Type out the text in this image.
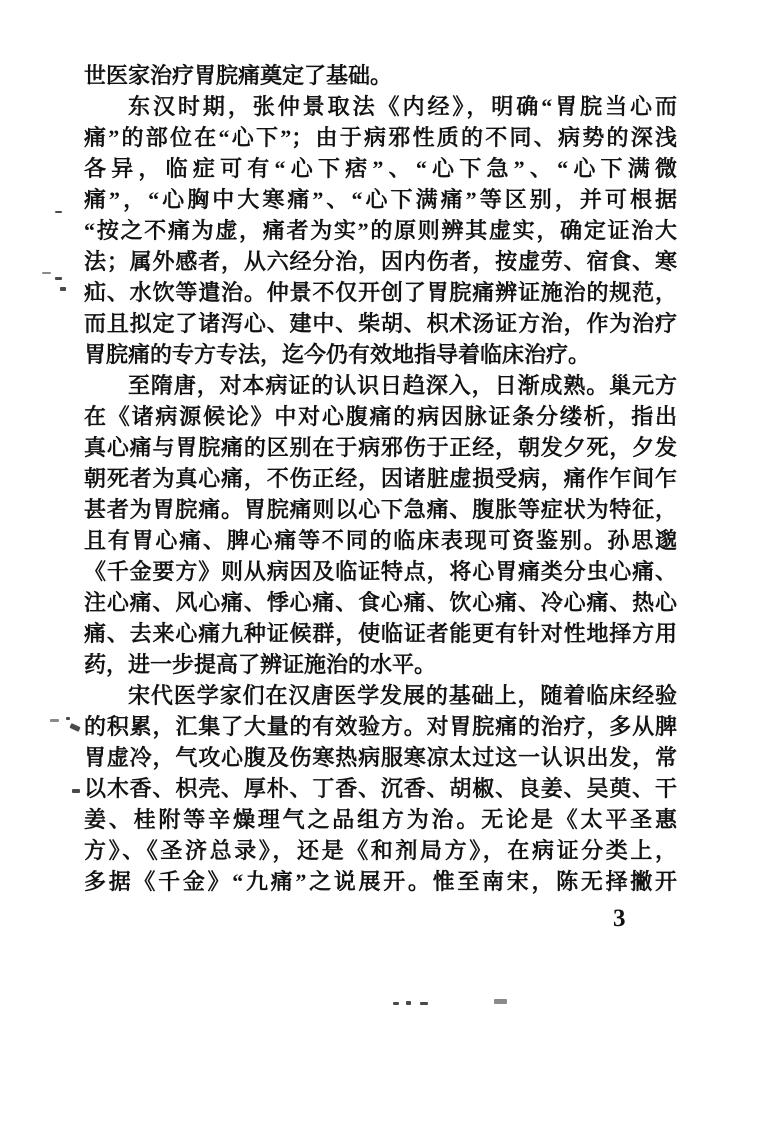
世医家治疗胃脘痛奠定了基础。
东汉时期，张仲景取法《内经》，明确“胃脘当心而
痛”的部位在“心下”；由于病邪性质的不同、病势的深浅
各异，临症可有“心下痞”、“心下急”、“心下满微
痛”，“心胸中大寒痛”、“心下满痛”等区别，并可根据
“按之不痛为虚，痛者为实”的原则辨其虚实，确定证治大
法；属外感者，从六经分治，因内伤者，按虚劳、宿食、寒
疝、水饮等遣治。仲景不仅开创了胃脘痛辨证施治的规范，
而且拟定了诸泻心、建中、柴胡、枳术汤证方治，作为治疗
胃脘痛的专方专法，迄今仍有效地指导着临床治疗。
至隋唐，对本病证的认识日趋深入，日渐成熟。巢元方
在《诸病源候论》中对心腹痛的病因脉证条分缕析，指出
真心痛与胃脘痛的区别在于病邪伤于正经，朝发夕死，夕发
朝死者为真心痛，不伤正经，因诸脏虚损受病，痛作乍间乍
甚者为胃脘痛。胃脘痛则以心下急痛、腹胀等症状为特征，
且有胃心痛、脾心痛等不同的临床表现可资鉴别。孙思邈
《千金要方》则从病因及临证特点，将心胃痛类分虫心痛、
注心痛、风心痛、悸心痛、食心痛、饮心痛、冷心痛、热心
痛、去来心痛九种证候群，使临证者能更有针对性地择方用
药，进一步提高了辨证施治的水平。
宋代医学家们在汉唐医学发展的基础上，随着临床经验
的积累，汇集了大量的有效验方。对胃脘痛的治疗，多从脾
胃虚冷，气攻心腹及伤寒热病服寒凉太过这一认识出发，常
以木香、枳壳、厚朴、丁香、沉香、胡椒、良姜、吴萸、干
姜、桂附等辛燥理气之品组方为治。无论是《太平圣惠
方》、《圣济总录》，还是《和剂局方》，在病证分类上，
多据《千金》“九痛”之说展开。惟至南宋，陈无择撇开
3
